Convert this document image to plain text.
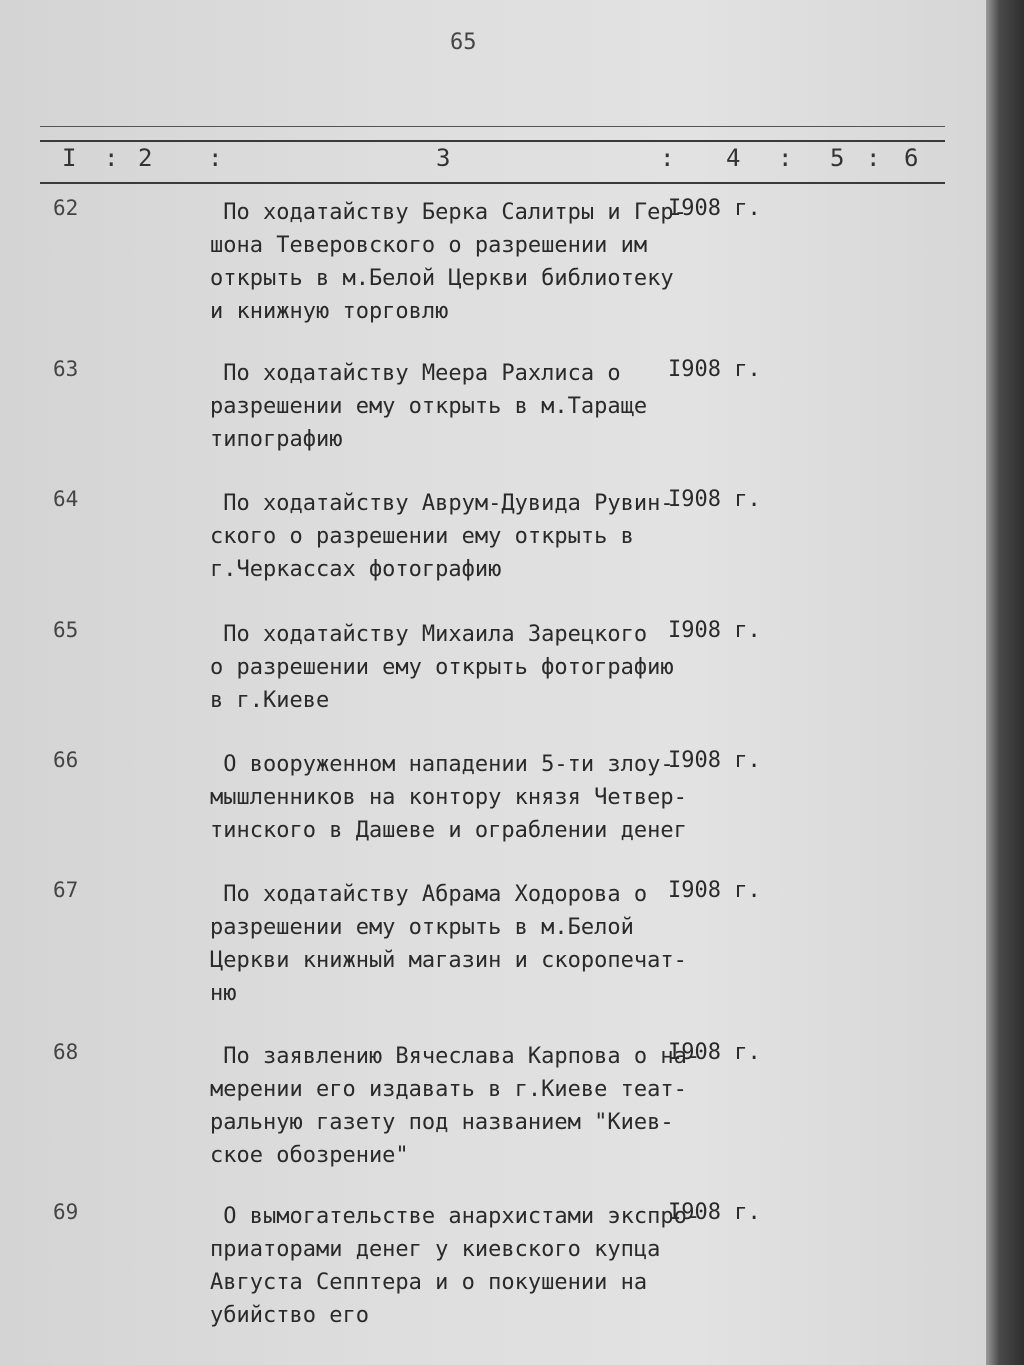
65
I : 2 :	3	: 4 : 5 : 6
62	По ходатайству Берка Салитры и Гер-
шона Теверовского о разрешении им
открыть в м.Белой Церкви библиотеку
и книжную торговлю
I908 г.
63	По ходатайству Меера Рахлиса о
разрешении ему открыть в м.Тараще
типографию
I908 г.
64	По ходатайству Аврум-Дувида Рувин-
ского о разрешении ему открыть в
г.Черкассах фотографию
I908 г.
65	По ходатайству Михаила Зарецкого
о разрешении ему открыть фотографию
в г.Киеве
I908 г.
66	О вооруженном нападении 5-ти злоу-
мышленников на контору князя Четвер-
тинского в Дашеве и ограблении денег
I908 г.
67	По ходатайству Абрама Ходорова о
разрешении ему открыть в м.Белой
Церкви книжный магазин и скоропечат-
ню
I908 г.
68	По заявлению Вячеслава Карпова о на-
мерении его издавать в г.Киеве теат-
ральную газету под названием "Киев-
ское обозрение"
I908 г.
69	О вымогательстве анархистами экспро-
приаторами денег у киевского купца
Августа Сепптера и о покушении на
убийство его
I908 г.
